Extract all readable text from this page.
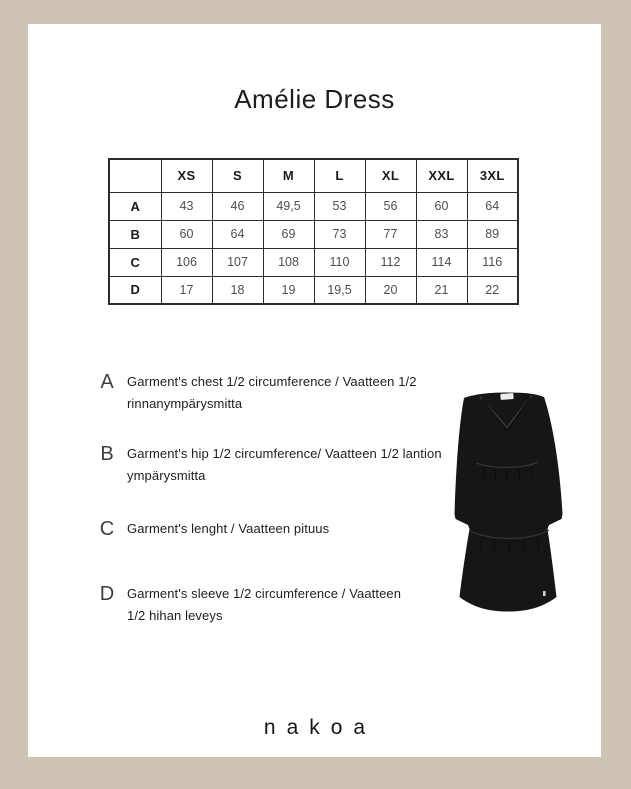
Amélie Dress
	XS	S	M	L	XL	XXL	3XL
A	43	46	49,5	53	56	60	64
B	60	64	69	73	77	83	89
C	106	107	108	110	112	114	116
D	17	18	19	19,5	20	21	22
A	Garment's chest 1/2 circumference / Vaatteen 1/2
rinnanympärysmitta
B	Garment's hip 1/2 circumference/ Vaatteen 1/2 lantion
ympärysmitta
C Garment's lenght / Vaatteen pituus
D Garment's sleeve 1/2 circumference / Vaatteen
1/2 hihan leveys
nakoa
